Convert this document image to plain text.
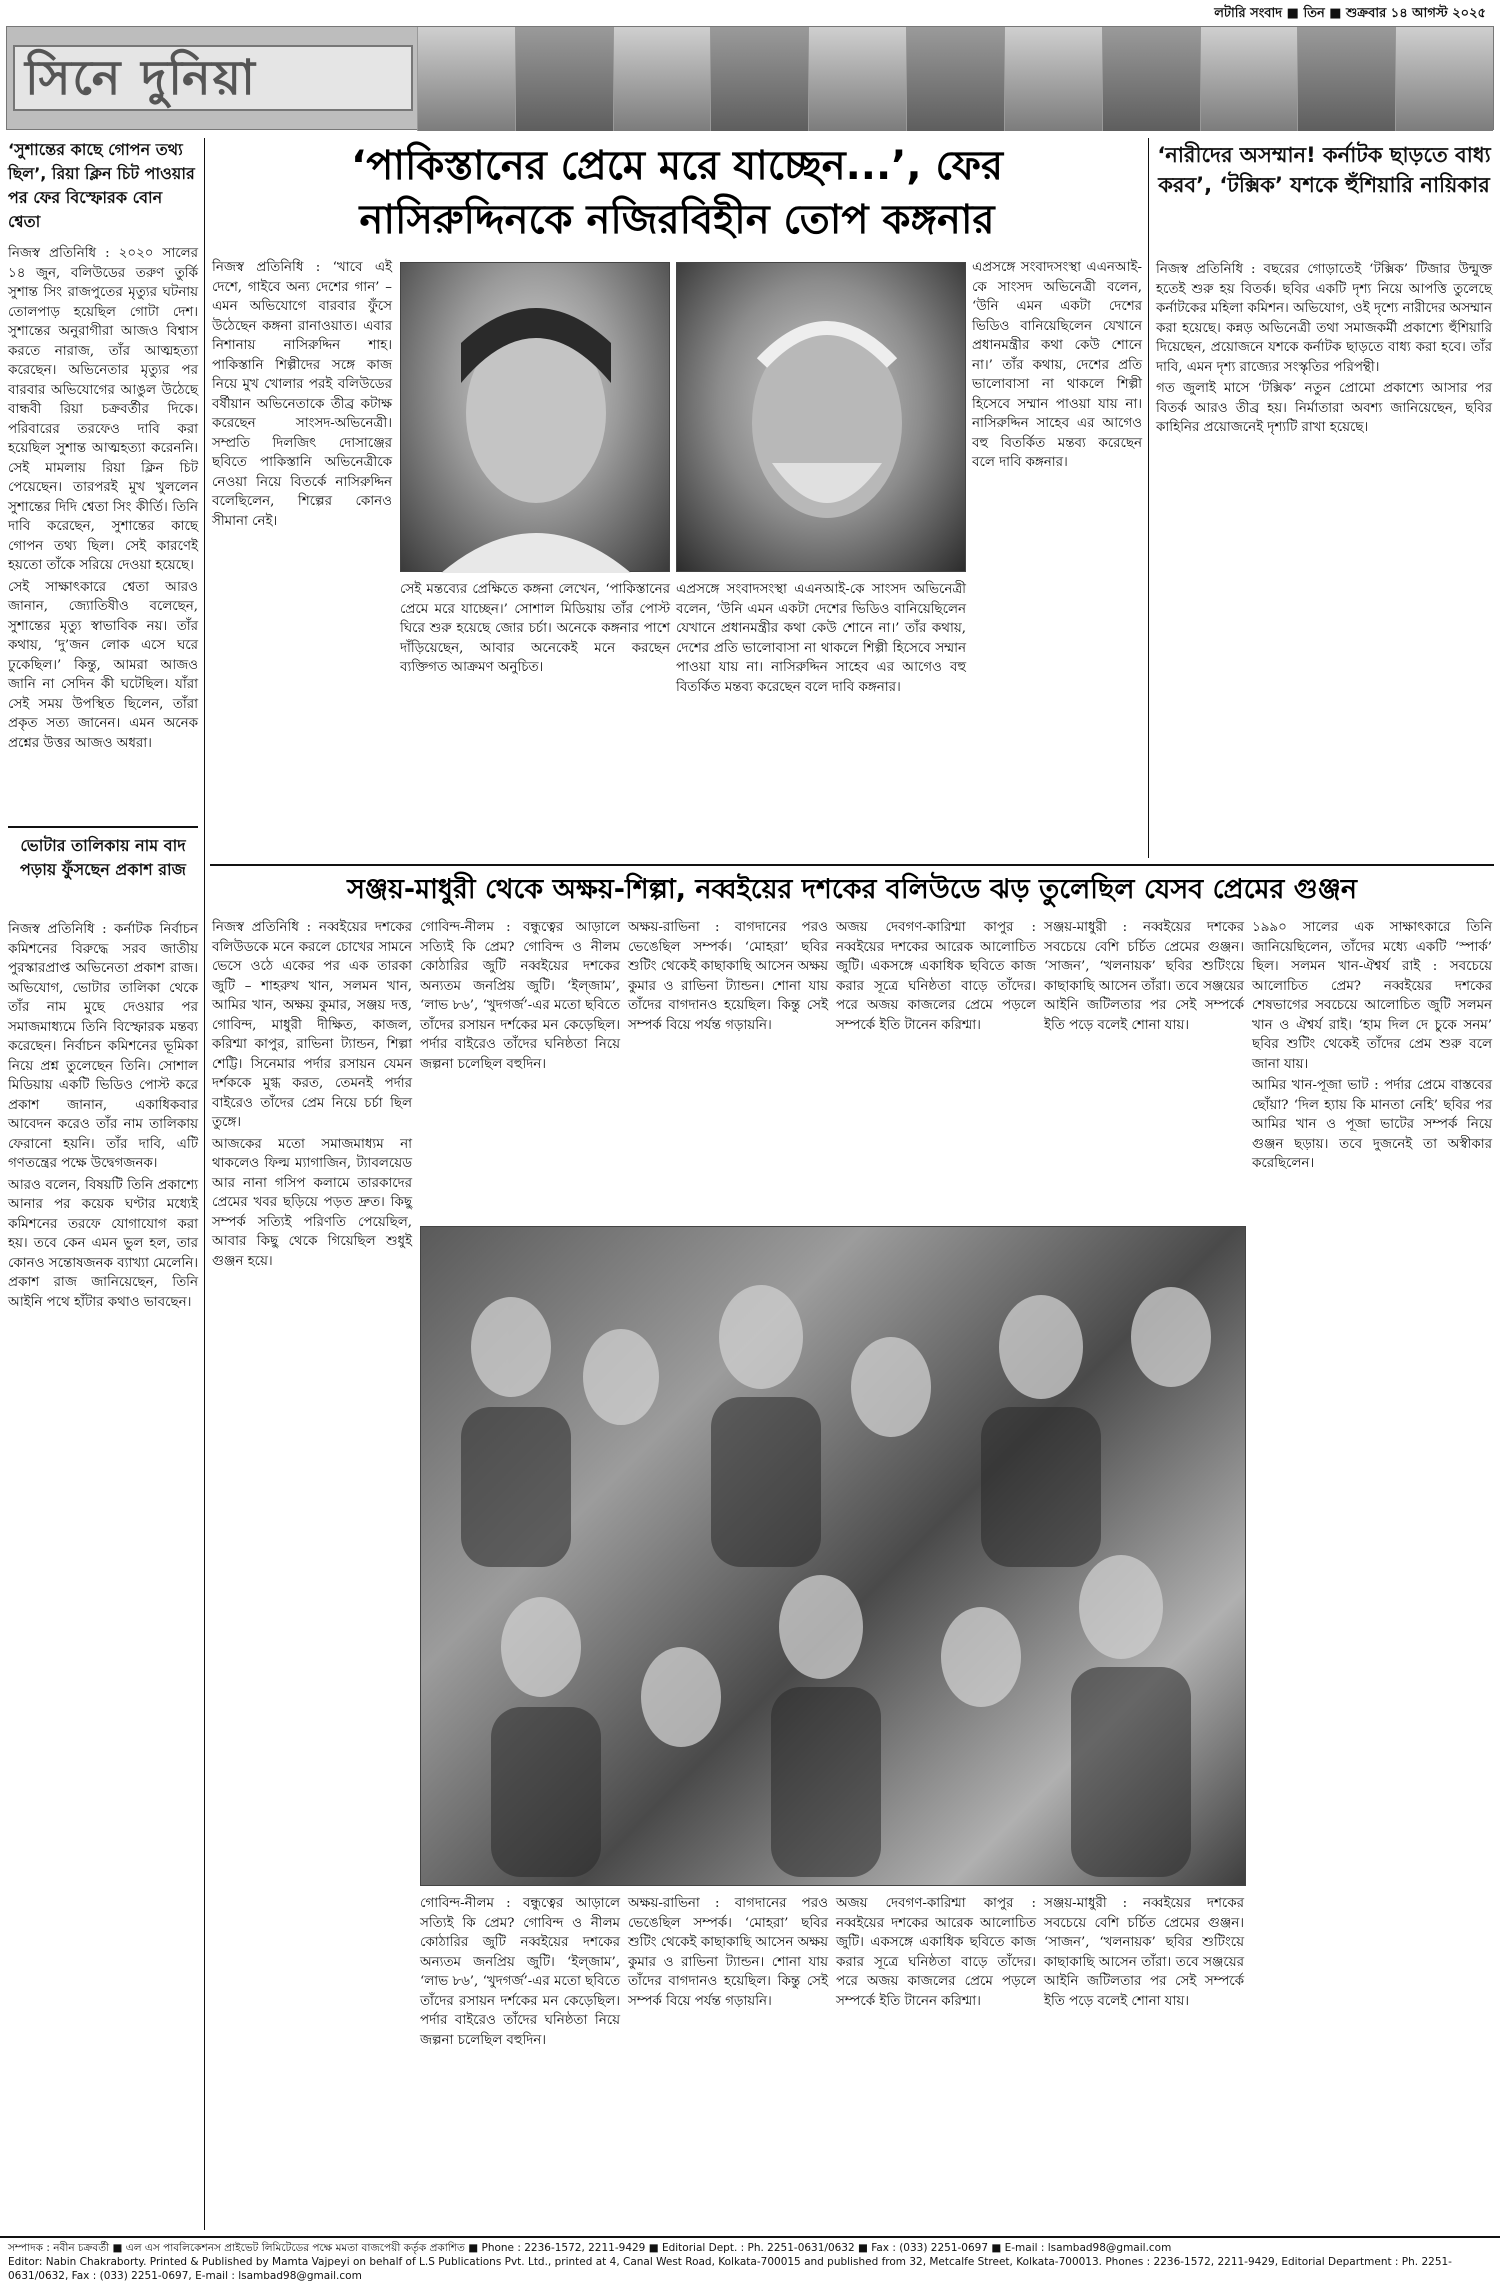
লটারি সংবাদ ■ তিন ■ শুক্রবার ১৪ আগস্ট ২০২৫
সিনে দুনিয়া
‘সুশান্তের কাছে গোপন তথ্য ছিল’, রিয়া ক্লিন চিট পাওয়ার পর ফের বিস্ফোরক বোন শ্বেতা

নিজস্ব প্রতিনিধি : ২০২০ সালের ১৪ জুন, বলিউডের তরুণ তুর্কি সুশান্ত সিং রাজপুতের মৃত্যুর ঘটনায় তোলপাড় হয়েছিল গোটা দেশ। সুশান্তের অনুরাগীরা আজও বিশ্বাস করতে নারাজ, তাঁর আত্মহত্যা করেছেন। অভিনেতার মৃত্যুর পর বারবার অভিযোগের আঙুল উঠেছে বান্ধবী রিয়া চক্রবর্তীর দিকে। পরিবারের তরফেও দাবি করা হয়েছিল সুশান্ত আত্মহত্যা করেননি। সেই মামলায় রিয়া ক্লিন চিট পেয়েছেন। তারপরই মুখ খুললেন সুশান্তের দিদি শ্বেতা সিং কীর্তি। তিনি দাবি করেছেন, সুশান্তের কাছে গোপন তথ্য ছিল। সেই কারণেই হয়তো তাঁকে সরিয়ে দেওয়া হয়েছে।

সেই সাক্ষাৎকারে শ্বেতা আরও জানান, জ্যোতিষীও বলেছেন, সুশান্তের মৃত্যু স্বাভাবিক নয়। তাঁর কথায়, ‘দু’জন লোক এসে ঘরে ঢুকেছিল।’ কিন্তু, আমরা আজও জানি না সেদিন কী ঘটেছিল। যাঁরা সেই সময় উপস্থিত ছিলেন, তাঁরা প্রকৃত সত্য জানেন। এমন অনেক প্রশ্নের উত্তর আজও অধরা।

ভোটার তালিকায় নাম বাদ পড়ায় ফুঁসছেন প্রকাশ রাজ

নিজস্ব প্রতিনিধি : কর্নাটক নির্বাচন কমিশনের বিরুদ্ধে সরব জাতীয় পুরস্কারপ্রাপ্ত অভিনেতা প্রকাশ রাজ। অভিযোগ, ভোটার তালিকা থেকে তাঁর নাম মুছে দেওয়ার পর সমাজমাধ্যমে তিনি বিস্ফোরক মন্তব্য করেছেন। নির্বাচন কমিশনের ভূমিকা নিয়ে প্রশ্ন তুলেছেন তিনি। সোশাল মিডিয়ায় একটি ভিডিও পোস্ট করে প্রকাশ জানান, একাধিকবার আবেদন করেও তাঁর নাম তালিকায় ফেরানো হয়নি। তাঁর দাবি, এটি গণতন্ত্রের পক্ষে উদ্বেগজনক।

আরও বলেন, বিষয়টি তিনি প্রকাশ্যে আনার পর কয়েক ঘণ্টার মধ্যেই কমিশনের তরফে যোগাযোগ করা হয়। তবে কেন এমন ভুল হল, তার কোনও সন্তোষজনক ব্যাখ্যা মেলেনি। প্রকাশ রাজ জানিয়েছেন, তিনি আইনি পথে হাঁটার কথাও ভাবছেন।

‘পাকিস্তানের প্রেমে মরে যাচ্ছেন...’, ফের
নাসিরুদ্দিনকে নজিরবিহীন তোপ কঙ্গনার
‘নারীদের অসম্মান! কর্নাটক ছাড়তে বাধ্য করব’, ‘টক্সিক’ যশকে হুঁশিয়ারি নায়িকার

নিজস্ব প্রতিনিধি : ‘খাবে এই দেশে, গাইবে অন্য দেশের গান’ – এমন অভিযোগে বারবার ফুঁসে উঠেছেন কঙ্গনা রানাওয়াত। এবার নিশানায় নাসিরুদ্দিন শাহ। পাকিস্তানি শিল্পীদের সঙ্গে কাজ নিয়ে মুখ খোলার পরই বলিউডের বর্ষীয়ান অভিনেতাকে তীব্র কটাক্ষ করেছেন সাংসদ-অভিনেত্রী। সম্প্রতি দিলজিৎ দোসাঞ্জের ছবিতে পাকিস্তানি অভিনেত্রীকে নেওয়া নিয়ে বিতর্কে নাসিরুদ্দিন বলেছিলেন, শিল্পের কোনও সীমানা নেই।

সেই মন্তব্যের প্রেক্ষিতে কঙ্গনা লেখেন, ‘পাকিস্তানের প্রেমে মরে যাচ্ছেন।’ সোশাল মিডিয়ায় তাঁর পোস্ট ঘিরে শুরু হয়েছে জোর চর্চা। অনেকে কঙ্গনার পাশে দাঁড়িয়েছেন, আবার অনেকেই মনে করছেন ব্যক্তিগত আক্রমণ অনুচিত।

এপ্রসঙ্গে সংবাদসংস্থা এএনআই-কে সাংসদ অভিনেত্রী বলেন, ‘উনি এমন একটা দেশের ভিডিও বানিয়েছিলেন যেখানে প্রধানমন্ত্রীর কথা কেউ শোনে না।’ তাঁর কথায়, দেশের প্রতি ভালোবাসা না থাকলে শিল্পী হিসেবে সম্মান পাওয়া যায় না। নাসিরুদ্দিন সাহেব এর আগেও বহু বিতর্কিত মন্তব্য করেছেন বলে দাবি কঙ্গনার।

এপ্রসঙ্গে সংবাদসংস্থা এএনআই-কে সাংসদ অভিনেত্রী বলেন, ‘উনি এমন একটা দেশের ভিডিও বানিয়েছিলেন যেখানে প্রধানমন্ত্রীর কথা কেউ শোনে না।’ তাঁর কথায়, দেশের প্রতি ভালোবাসা না থাকলে শিল্পী হিসেবে সম্মান পাওয়া যায় না। নাসিরুদ্দিন সাহেব এর আগেও বহু বিতর্কিত মন্তব্য করেছেন বলে দাবি কঙ্গনার।

নিজস্ব প্রতিনিধি : বছরের গোড়াতেই ‘টক্সিক’ টিজার উন্মুক্ত হতেই শুরু হয় বিতর্ক। ছবির একটি দৃশ্য নিয়ে আপত্তি তুলেছে কর্নাটকের মহিলা কমিশন। অভিযোগ, ওই দৃশ্যে নারীদের অসম্মান করা হয়েছে। কন্নড় অভিনেত্রী তথা সমাজকর্মী প্রকাশ্যে হুঁশিয়ারি দিয়েছেন, প্রয়োজনে যশকে কর্নাটক ছাড়তে বাধ্য করা হবে। তাঁর দাবি, এমন দৃশ্য রাজ্যের সংস্কৃতির পরিপন্থী।

গত জুলাই মাসে ‘টক্সিক’ নতুন প্রোমো প্রকাশ্যে আসার পর বিতর্ক আরও তীব্র হয়। নির্মাতারা অবশ্য জানিয়েছেন, ছবির কাহিনির প্রয়োজনেই দৃশ্যটি রাখা হয়েছে।

সঞ্জয়-মাধুরী থেকে অক্ষয়-শিল্পা, নব্বইয়ের দশকের বলিউডে ঝড় তুলেছিল যেসব প্রেমের গুঞ্জন

নিজস্ব প্রতিনিধি : নব্বইয়ের দশকের বলিউডকে মনে করলে চোখের সামনে ভেসে ওঠে একের পর এক তারকা জুটি – শাহরুখ খান, সলমন খান, আমির খান, অক্ষয় কুমার, সঞ্জয় দত্ত, গোবিন্দ, মাধুরী দীক্ষিত, কাজল, করিশ্মা কাপুর, রাভিনা ট্যান্ডন, শিল্পা শেট্টি। সিনেমার পর্দার রসায়ন যেমন দর্শককে মুগ্ধ করত, তেমনই পর্দার বাইরেও তাঁদের প্রেম নিয়ে চর্চা ছিল তুঙ্গে।

আজকের মতো সমাজমাধ্যম না থাকলেও ফিল্ম ম্যাগাজিন, ট্যাবলয়েড আর নানা গসিপ কলামে তারকাদের প্রেমের খবর ছড়িয়ে পড়ত দ্রুত। কিছু সম্পর্ক সত্যিই পরিণতি পেয়েছিল, আবার কিছু থেকে গিয়েছিল শুধুই গুঞ্জন হয়ে।

গোবিন্দ-নীলম : বন্ধুত্বের আড়ালে সত্যিই কি প্রেম? গোবিন্দ ও নীলম কোঠারির জুটি নব্বইয়ের দশকের অন্যতম জনপ্রিয় জুটি। ‘ইল্‌জাম’, ‘লাভ ৮৬’, ‘খুদগর্জ’-এর মতো ছবিতে তাঁদের রসায়ন দর্শকের মন কেড়েছিল। পর্দার বাইরেও তাঁদের ঘনিষ্ঠতা নিয়ে জল্পনা চলেছিল বহুদিন।

অক্ষয়-রাভিনা : বাগদানের পরও ভেঙেছিল সম্পর্ক। ‘মোহরা’ ছবির শুটিং থেকেই কাছাকাছি আসেন অক্ষয় কুমার ও রাভিনা ট্যান্ডন। শোনা যায় তাঁদের বাগদানও হয়েছিল। কিন্তু সেই সম্পর্ক বিয়ে পর্যন্ত গড়ায়নি।

অজয় দেবগণ-কারিশ্মা কাপুর : নব্বইয়ের দশকের আরেক আলোচিত জুটি। একসঙ্গে একাধিক ছবিতে কাজ করার সূত্রে ঘনিষ্ঠতা বাড়ে তাঁদের। পরে অজয় কাজলের প্রেমে পড়লে সম্পর্কে ইতি টানেন করিশ্মা।

সঞ্জয়-মাধুরী : নব্বইয়ের দশকের সবচেয়ে বেশি চর্চিত প্রেমের গুঞ্জন। ‘সাজন’, ‘খলনায়ক’ ছবির শুটিংয়ে কাছাকাছি আসেন তাঁরা। তবে সঞ্জয়ের আইনি জটিলতার পর সেই সম্পর্কে ইতি পড়ে বলেই শোনা যায়।

১৯৯০ সালের এক সাক্ষাৎকারে তিনি জানিয়েছিলেন, তাঁদের মধ্যে একটি ‘স্পার্ক’ ছিল। সলমন খান-ঐশ্বর্য রাই : সবচেয়ে আলোচিত প্রেম? নব্বইয়ের দশকের শেষভাগের সবচেয়ে আলোচিত জুটি সলমন খান ও ঐশ্বর্য রাই। ‘হাম দিল দে চুকে সনম’ ছবির শুটিং থেকেই তাঁদের প্রেম শুরু বলে জানা যায়।

আমির খান-পূজা ভাট : পর্দার প্রেমে বাস্তবের ছোঁয়া? ‘দিল হ্যায় কি মানতা নেহি’ ছবির পর আমির খান ও পূজা ভাটের সম্পর্ক নিয়ে গুঞ্জন ছড়ায়। তবে দুজনেই তা অস্বীকার করেছিলেন।

গোবিন্দ-নীলম : বন্ধুত্বের আড়ালে সত্যিই কি প্রেম? গোবিন্দ ও নীলম কোঠারির জুটি নব্বইয়ের দশকের অন্যতম জনপ্রিয় জুটি। ‘ইল্‌জাম’, ‘লাভ ৮৬’, ‘খুদগর্জ’-এর মতো ছবিতে তাঁদের রসায়ন দর্শকের মন কেড়েছিল। পর্দার বাইরেও তাঁদের ঘনিষ্ঠতা নিয়ে জল্পনা চলেছিল বহুদিন।

অক্ষয়-রাভিনা : বাগদানের পরও ভেঙেছিল সম্পর্ক। ‘মোহরা’ ছবির শুটিং থেকেই কাছাকাছি আসেন অক্ষয় কুমার ও রাভিনা ট্যান্ডন। শোনা যায় তাঁদের বাগদানও হয়েছিল। কিন্তু সেই সম্পর্ক বিয়ে পর্যন্ত গড়ায়নি।

অজয় দেবগণ-কারিশ্মা কাপুর : নব্বইয়ের দশকের আরেক আলোচিত জুটি। একসঙ্গে একাধিক ছবিতে কাজ করার সূত্রে ঘনিষ্ঠতা বাড়ে তাঁদের। পরে অজয় কাজলের প্রেমে পড়লে সম্পর্কে ইতি টানেন করিশ্মা।

সঞ্জয়-মাধুরী : নব্বইয়ের দশকের সবচেয়ে বেশি চর্চিত প্রেমের গুঞ্জন। ‘সাজন’, ‘খলনায়ক’ ছবির শুটিংয়ে কাছাকাছি আসেন তাঁরা। তবে সঞ্জয়ের আইনি জটিলতার পর সেই সম্পর্কে ইতি পড়ে বলেই শোনা যায়।

সম্পাদক : নবীন চক্রবর্তী ■ এল এস পাবলিকেশনস প্রাইভেট লিমিটেডের পক্ষে মমতা বাজপেয়ী কর্তৃক প্রকাশিত ■ Phone : 2236-1572, 2211-9429 ■ Editorial Dept. : Ph. 2251-0631/0632 ■ Fax : (033) 2251-0697 ■ E-mail : lsambad98@gmail.com
Editor: Nabin Chakraborty. Printed & Published by Mamta Vajpeyi on behalf of L.S Publications Pvt. Ltd., printed at 4, Canal West Road, Kolkata-700015 and published from 32, Metcalfe Street, Kolkata-700013. Phones : 2236-1572, 2211-9429, Editorial Department : Ph. 2251-0631/0632, Fax : (033) 2251-0697, E-mail : lsambad98@gmail.com
